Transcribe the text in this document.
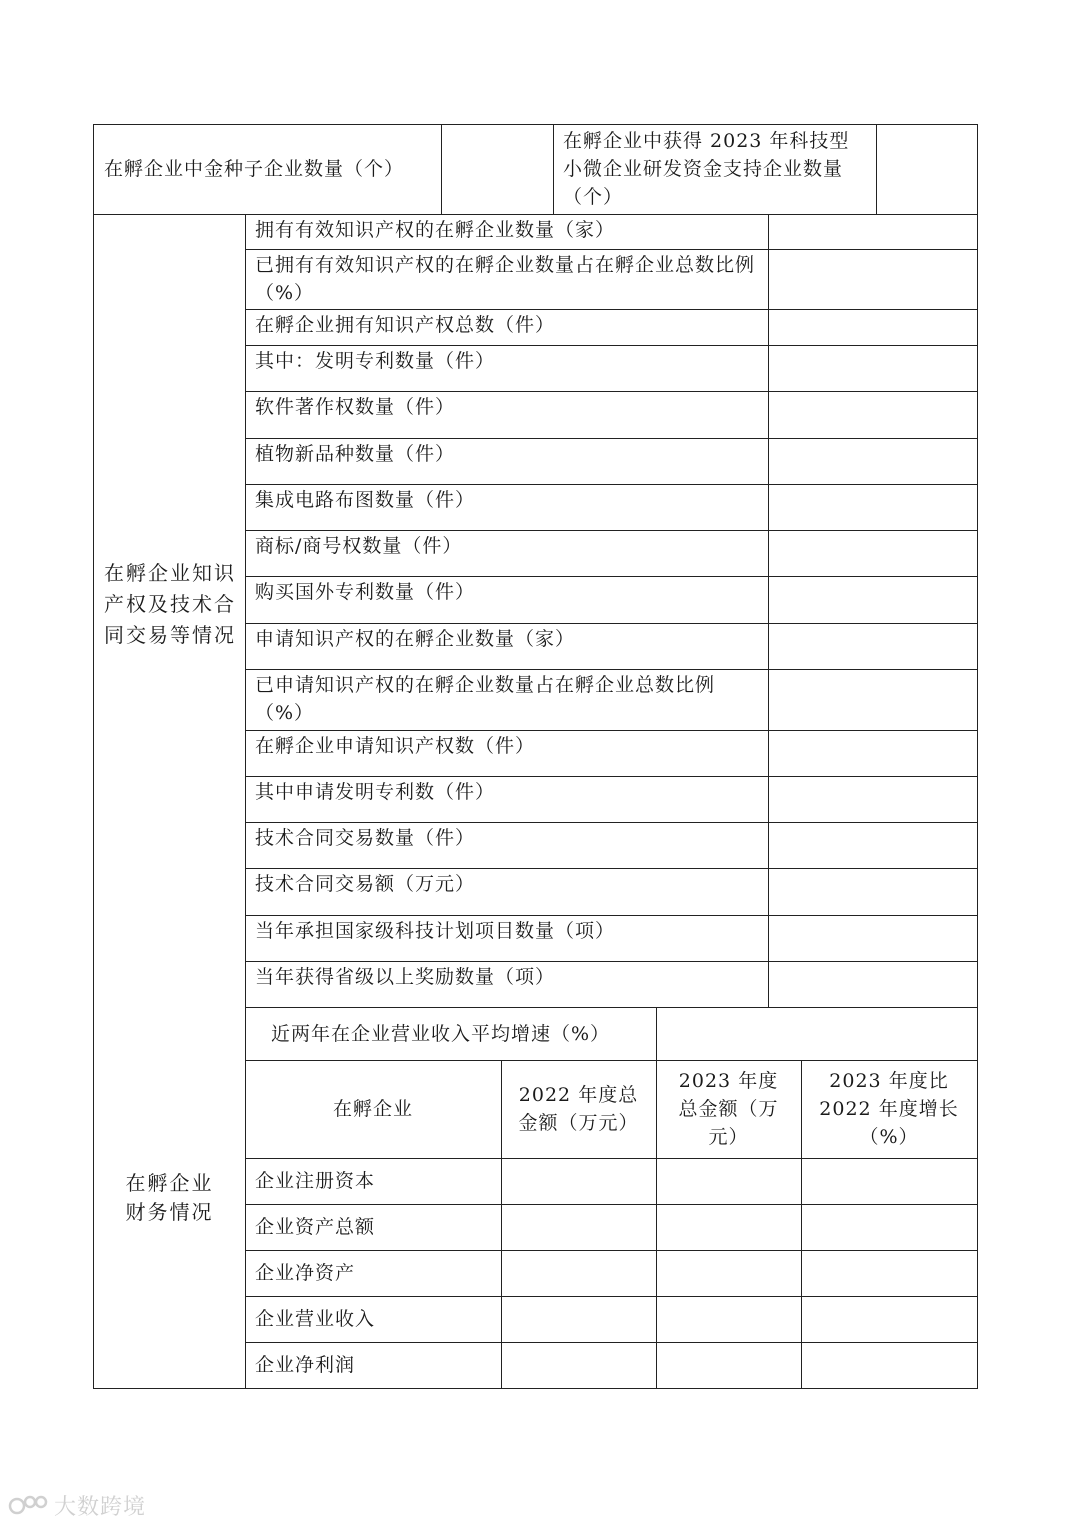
在孵企业中金种子企业数量（个）
在孵企业中获得 2023 年科技型小微企业研发资金支持企业数量（个）
在孵企业知识产权及技术合同交易等情况
拥有有效知识产权的在孵企业数量（家）
已拥有有效知识产权的在孵企业数量占在孵企业总数比例（%）
在孵企业拥有知识产权总数（件）
其中：发明专利数量（件）
软件著作权数量（件）
植物新品种数量（件）
集成电路布图数量（件）
商标/商号权数量（件）
购买国外专利数量（件）
申请知识产权的在孵企业数量（家）
已申请知识产权的在孵企业数量占在孵企业总数比例（%）
在孵企业申请知识产权数（件）
其中申请发明专利数（件）
技术合同交易数量（件）
技术合同交易额（万元）
当年承担国家级科技计划项目数量（项）
当年获得省级以上奖励数量（项）
在孵企业财务情况
近两年在企业营业收入平均增速（%）
在孵企业
2022 年度总金额（万元）
2023 年度总金额（万元）
2023 年度比 2022 年度增长（%）
企业注册资本
企业资产总额
企业净资产
企业营业收入
企业净利润
大数跨境
